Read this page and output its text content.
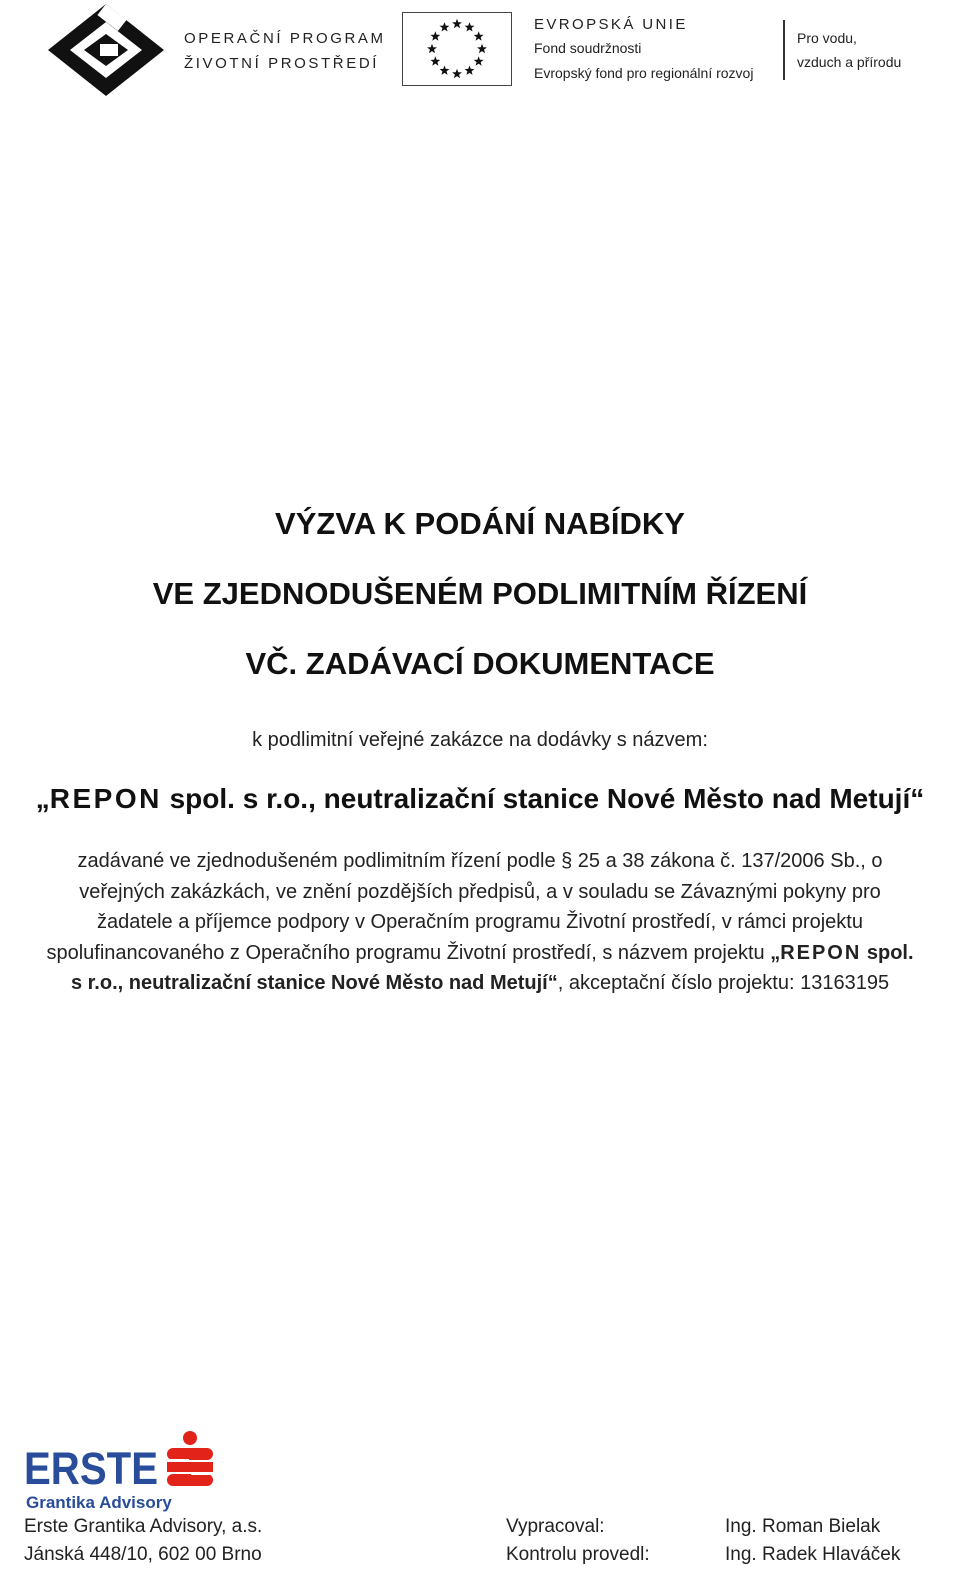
OPERAČNÍ PROGRAM
ŽIVOTNÍ PROSTŘEDÍ
EVROPSKÁ UNIE
Fond soudržnosti
Evropský fond pro regionální rozvoj
Pro vodu,
vzduch a přírodu
VÝZVA K PODÁNÍ NABÍDKY
VE ZJEDNODUŠENÉM PODLIMITNÍM ŘÍZENÍ
VČ. ZADÁVACÍ DOKUMENTACE
k podlimitní veřejné zakázce na dodávky s názvem:
„REPON spol. s r.o., neutralizační stanice Nové Město nad Metují“
zadávané ve zjednodušeném podlimitním řízení podle § 25 a 38 zákona č. 137/2006 Sb., o
veřejných zakázkách, ve znění pozdějších předpisů, a v souladu se Závaznými pokyny pro
žadatele a příjemce podpory v Operačním programu Životní prostředí, v rámci projektu
spolufinancovaného z Operačního programu Životní prostředí, s názvem projektu „REPON spol.
s r.o., neutralizační stanice Nové Město nad Metují“, akceptační číslo projektu: 13163195
ERSTE
Grantika Advisory
Erste Grantika Advisory, a.s.
Jánská 448/10, 602 00 Brno
Vypracoval:
Kontrolu provedl:
Ing. Roman Bielak
Ing. Radek Hlaváček
